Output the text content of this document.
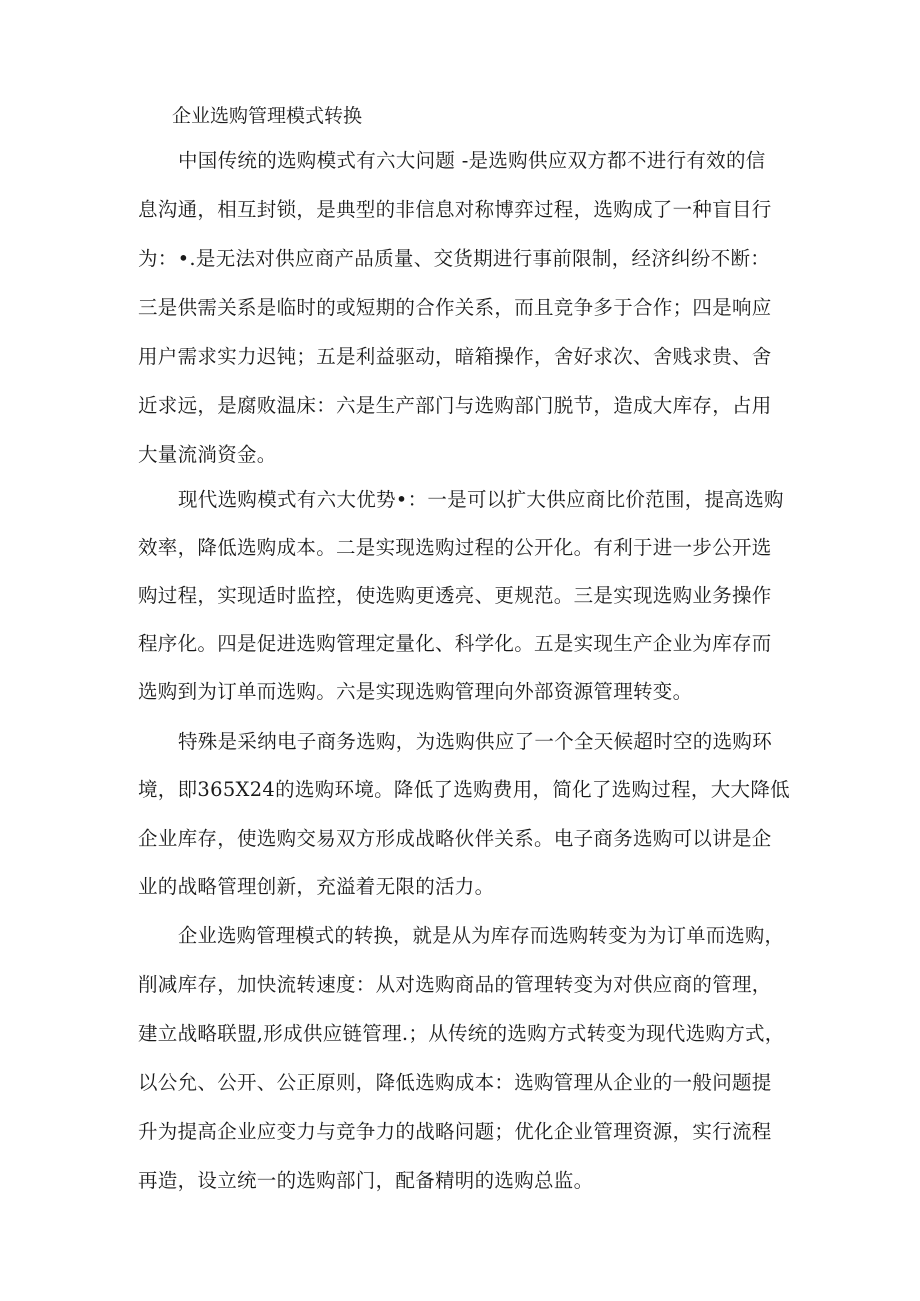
企业选购管理模式转换
中国传统的选购模式有六大问题 -是选购供应双方都不进行有效的信
息沟通，相互封锁，是典型的非信息对称博弈过程，选购成了一种盲目行
为：•.是无法对供应商产品质量、交货期进行事前限制，经济纠纷不断：
三是供需关系是临时的或短期的合作关系，而且竞争多于合作；四是响应
用户需求实力迟钝；五是利益驱动，暗箱操作，舍好求次、舍贱求贵、舍
近求远，是腐败温床：六是生产部门与选购部门脱节，造成大库存，占用
大量流淌资金。
现代选购模式有六大优势•：一是可以扩大供应商比价范围，提高选购
效率，降低选购成本。二是实现选购过程的公开化。有利于进一步公开选
购过程，实现适时监控，使选购更透亮、更规范。三是实现选购业务操作
程序化。四是促进选购管理定量化、科学化。五是实现生产企业为库存而
选购到为订单而选购。六是实现选购管理向外部资源管理转变。
特殊是采纳电子商务选购，为选购供应了一个全天候超时空的选购环
境，即365X24的选购环境。降低了选购费用，简化了选购过程，大大降低
企业库存，使选购交易双方形成战略伙伴关系。电子商务选购可以讲是企
业的战略管理创新，充溢着无限的活力。
企业选购管理模式的转换，就是从为库存而选购转变为为订单而选购，
削减库存，加快流转速度：从对选购商品的管理转变为对供应商的管理，
建立战略联盟,形成供应链管理.；从传统的选购方式转变为现代选购方式，
以公允、公开、公正原则，降低选购成本：选购管理从企业的一般问题提
升为提高企业应变力与竞争力的战略问题；优化企业管理资源，实行流程
再造，设立统一的选购部门，配备精明的选购总监。
